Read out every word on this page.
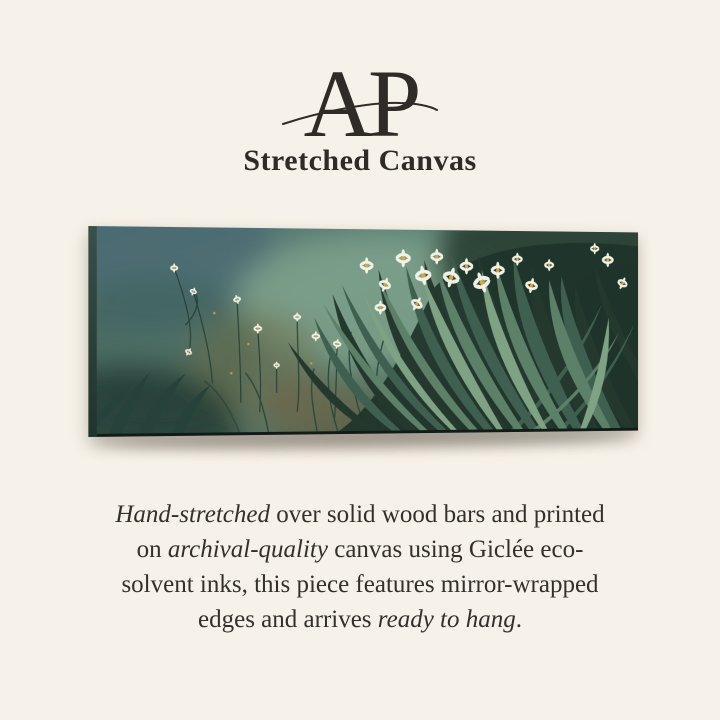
AP
Stretched Canvas
Hand-stretched over solid wood bars and printed
on archival-quality canvas using Giclée eco-
solvent inks, this piece features mirror-wrapped
edges and arrives ready to hang.
